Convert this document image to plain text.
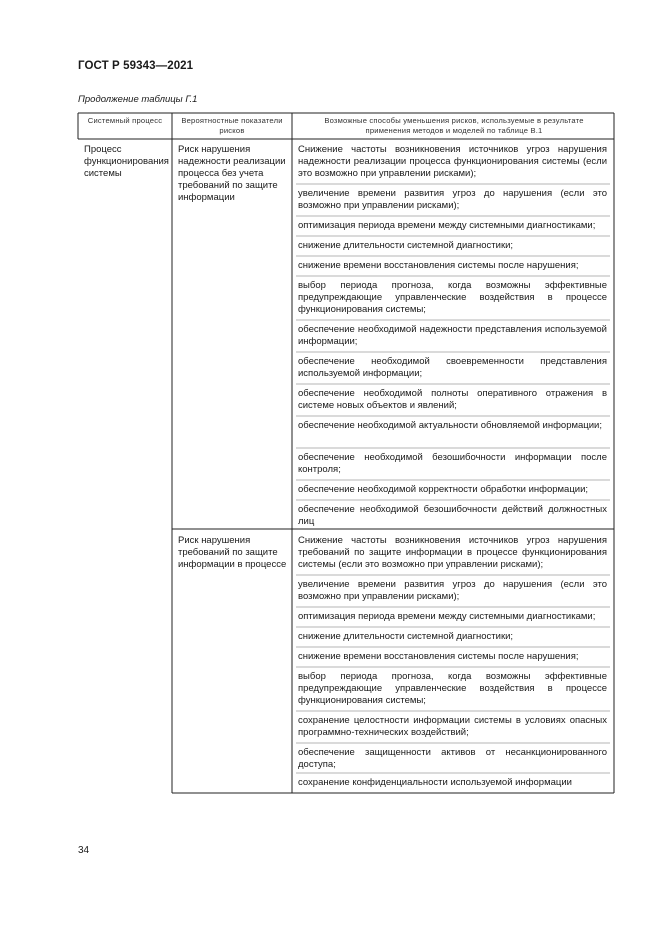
ГОСТ Р 59343—2021
Продолжение таблицы Г.1
Системный процесс	Вероятностные показатели рисков
Возможные способы уменьшения рисков, используемые в результате применения методов и моделей по таблице В.1
Процесс функционирования системы
Риск нарушения надежности реализации процесса без учета требований по защите информации
Риск нарушения требований по защите информации в процессе
Снижение частоты возникновения источников угроз нарушения надежности реализации процесса функционирования системы (если это возможно при управлении рисками);
увеличение времени развития угроз до нарушения (если это возможно при управлении рисками);
оптимизация периода времени между системными диагностиками;
снижение длительности системной диагностики;
снижение времени восстановления системы после нарушения;
выбор периода прогноза, когда возможны эффективные предупреждающие управленческие воздействия в процессе функционирования системы;
обеспечение необходимой надежности представления используемой информации;
обеспечение необходимой своевременности представления используемой информации;
обеспечение необходимой полноты оперативного отражения в системе новых объектов и явлений;
обеспечение необходимой актуальности обновляемой информации;
обеспечение необходимой безошибочности информации после контроля;
обеспечение необходимой корректности обработки информации;
обеспечение необходимой безошибочности действий должностных лиц
Снижение частоты возникновения источников угроз нарушения требований по защите информации в процессе функционирования системы (если это возможно при управлении рисками);
увеличение времени развития угроз до нарушения (если это возможно при управлении рисками);
оптимизация периода времени между системными диагностиками;
снижение длительности системной диагностики;
снижение времени восстановления системы после нарушения;
выбор периода прогноза, когда возможны эффективные предупреждающие управленческие воздействия в процессе функционирования системы;
сохранение целостности информации системы в условиях опасных программно-технических воздействий;
обеспечение защищенности активов от несанкционированного доступа;
сохранение конфиденциальности используемой информации
34
